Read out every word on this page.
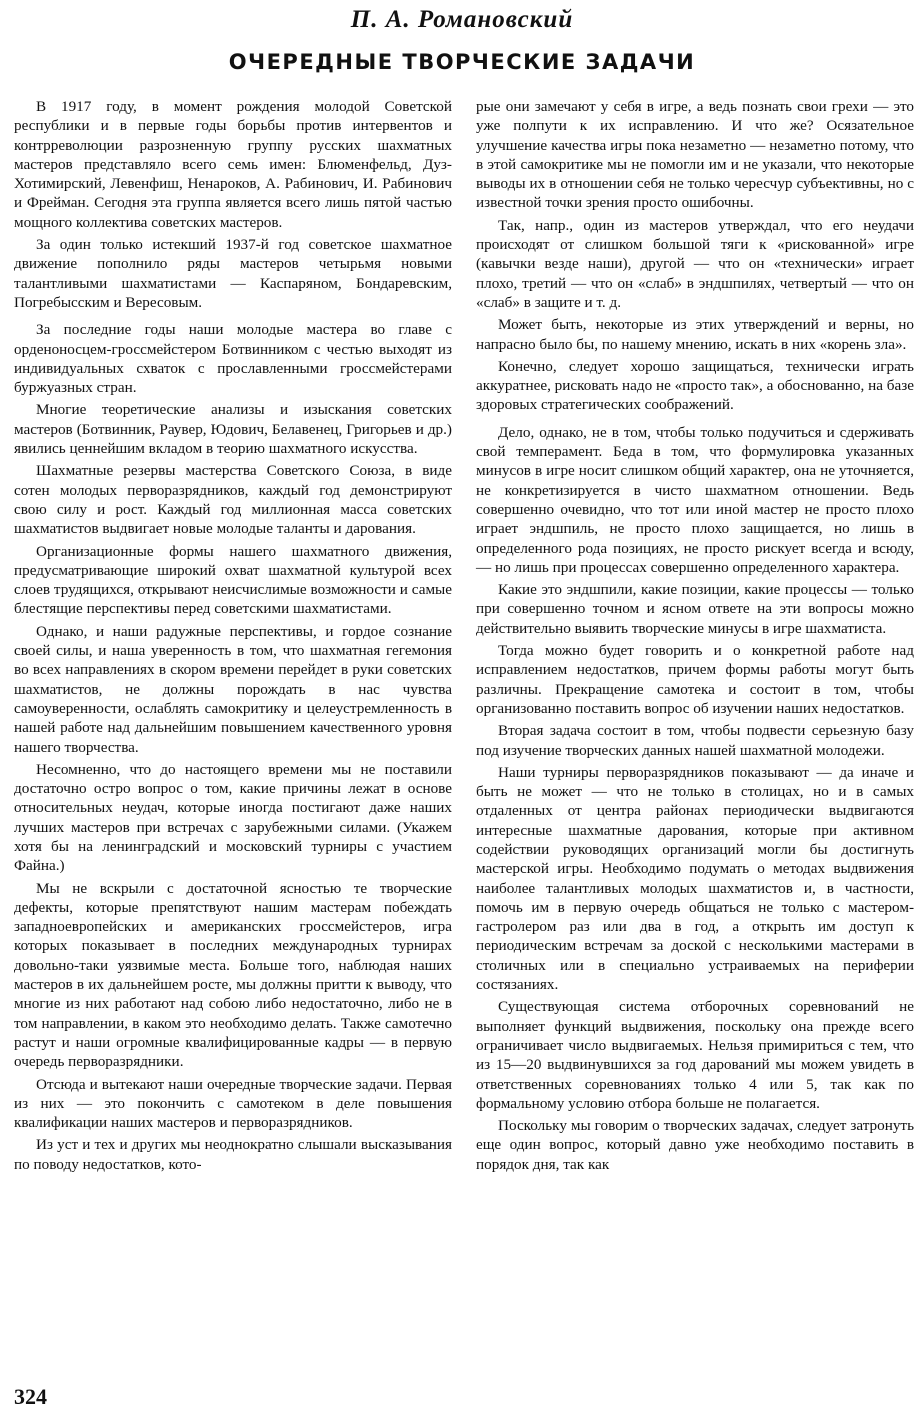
П. А. Романовский
ОЧЕРЕДНЫЕ ТВОРЧЕСКИЕ ЗАДАЧИ

В 1917 году, в момент рождения молодой Советской республики и в первые годы борьбы против интервентов и контрреволюции разрозненную группу русских шахматных мастеров представляло всего семь имен: Блюменфельд, Дуз-Хотимирский, Левенфиш, Ненароков, А. Рабинович, И. Рабинович и Фрейман. Сегодня эта группа является всего лишь пятой частью мощного коллектива советских мастеров.

За один только истекший 1937-й год советское шахматное движение пополнило ряды мастеров четырьмя новыми талантливыми шахматистами — Каспаряном, Бондаревским, Погребысским и Вересовым.

За последние годы наши молодые мастера во главе с орденоносцем-гроссмейстером Ботвинником с честью выходят из индивидуальных схваток с прославленными гроссмейстерами буржуазных стран.

Многие теоретические анализы и изыскания советских мастеров (Ботвинник, Раувер, Юдович, Белавенец, Григорьев и др.) явились ценнейшим вкладом в теорию шахматного искусства.

Шахматные резервы мастерства Советского Союза, в виде сотен молодых перворазрядников, каждый год демонстрируют свою силу и рост. Каждый год миллионная масса советских шахматистов выдвигает новые молодые таланты и дарования.

Организационные формы нашего шахматного движения, предусматривающие широкий охват шахматной культурой всех слоев трудящихся, открывают неисчислимые возможности и самые блестящие перспективы перед советскими шахматистами.

Однако, и наши радужные перспективы, и гордое сознание своей силы, и наша уверенность в том, что шахматная гегемония во всех направлениях в скором времени перейдет в руки советских шахматистов, не должны порождать в нас чувства самоуверенности, ослаблять самокритику и целеустремленность в нашей работе над дальнейшим повышением качественного уровня нашего творчества.

Несомненно, что до настоящего времени мы не поставили достаточно остро вопрос о том, какие причины лежат в основе относительных неудач, которые иногда постигают даже наших лучших мастеров при встречах с зарубежными силами. (Укажем хотя бы на ленинградский и московский турниры с участием Файна.)

Мы не вскрыли с достаточной ясностью те творческие дефекты, которые препятствуют нашим мастерам побеждать западноевропейских и американских гроссмейстеров, игра которых показывает в последних международных турнирах довольно-таки уязвимые места. Больше того, наблюдая наших мастеров в их дальнейшем росте, мы должны притти к выводу, что многие из них работают над собою либо недостаточно, либо не в том направлении, в каком это необходимо делать. Также самотечно растут и наши огромные квалифицированные кадры — в первую очередь перворазрядники.

Отсюда и вытекают наши очередные творческие задачи. Первая из них — это покончить с самотеком в деле повышения квалификации наших мастеров и перворазрядников.

Из уст и тех и других мы неоднократно слышали высказывания по поводу недостатков, кото-

рые они замечают у себя в игре, а ведь познать свои грехи — это уже полпути к их исправлению. И что же? Осязательное улучшение качества игры пока незаметно — незаметно потому, что в этой самокритике мы не помогли им и не указали, что некоторые выводы их в отношении себя не только чересчур субъективны, но с известной точки зрения просто ошибочны.

Так, напр., один из мастеров утверждал, что его неудачи происходят от слишком большой тяги к «рискованной» игре (кавычки везде наши), другой — что он «технически» играет плохо, третий — что он «слаб» в эндшпилях, четвертый — что он «слаб» в защите и т. д.

Может быть, некоторые из этих утверждений и верны, но напрасно было бы, по нашему мнению, искать в них «корень зла».

Конечно, следует хорошо защищаться, технически играть аккуратнее, рисковать надо не «просто так», а обоснованно, на базе здоровых стратегических соображений.

Дело, однако, не в том, чтобы только подучиться и сдерживать свой темперамент. Беда в том, что формулировка указанных минусов в игре носит слишком общий характер, она не уточняется, не конкретизируется в чисто шахматном отношении. Ведь совершенно очевидно, что тот или иной мастер не просто плохо играет эндшпиль, не просто плохо защищается, но лишь в определенного рода позициях, не просто рискует всегда и всюду, — но лишь при процессах совершенно определенного характера.

Какие это эндшпили, какие позиции, какие процессы — только при совершенно точном и ясном ответе на эти вопросы можно действительно выявить творческие минусы в игре шахматиста.

Тогда можно будет говорить и о конкретной работе над исправлением недостатков, причем формы работы могут быть различны. Прекращение самотека и состоит в том, чтобы организованно поставить вопрос об изучении наших недостатков.

Вторая задача состоит в том, чтобы подвести серьезную базу под изучение творческих данных нашей шахматной молодежи.

Наши турниры перворазрядников показывают — да иначе и быть не может — что не только в столицах, но и в самых отдаленных от центра районах периодически выдвигаются интересные шахматные дарования, которые при активном содействии руководящих организаций могли бы достигнуть мастерской игры. Необходимо подумать о методах выдвижения наиболее талантливых молодых шахматистов и, в частности, помочь им в первую очередь общаться не только с мастером-гастролером раз или два в год, а открыть им доступ к периодическим встречам за доской с несколькими мастерами в столичных или в специально устраиваемых на периферии состязаниях.

Существующая система отборочных соревнований не выполняет функций выдвижения, поскольку она прежде всего ограничивает число выдвигаемых. Нельзя примириться с тем, что из 15—20 выдвинувшихся за год дарований мы можем увидеть в ответственных соревнованиях только 4 или 5, так как по формальному условию отбора больше не полагается.

Поскольку мы говорим о творческих задачах, следует затронуть еще один вопрос, который давно уже необходимо поставить в порядок дня, так как

324
